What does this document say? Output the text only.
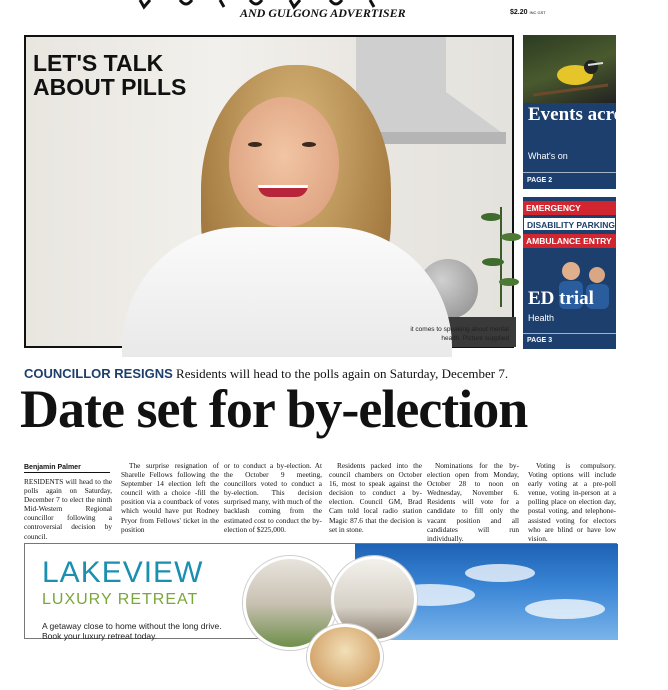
AND GULGONG ADVERTISER	$2.20 INC GST
LET'S TALK ABOUT PILLS
it comes to speaking about mental health. Picture supplied
Events across the
What's on
PAGE 2
EMERGENCY
DISABILITY PARKING
AMBULANCE ENTRY
ED trial
Health
PAGE 3
COUNCILLOR RESIGNS Residents will head to the polls again on Saturday, December 7.
Date set for by-election
Benjamin Palmer

RESIDENTS will head to the polls again on Saturday, December 7 to elect the ninth Mid-Western Regional councillor following a controversial decision by council.

The surprise resignation of Sharelle Fellows following the September 14 election left the council with a choice -fill the position via a countback of votes which would have put Rodney Pryor from Fellows' ticket in the position

or to conduct a by-election. At the October 9 meeting, councillors voted to conduct a by-election. This decision surprised many, with much of the backlash coming from the estimated cost to conduct the by-election of $225,000.

Residents packed into the council chambers on October 16, most to speak against the decision to conduct a by-election. Council GM, Brad Cam told local radio station Magic 87.6 that the decision is set in stone.

Nominations for the by-election open from Monday, October 28 to noon on Wednesday, November 6. Residents will vote for a candidate to fill only the vacant position and all candidates will run individually.

Voting is compulsory. Voting options will include early voting at a pre-poll venue, voting in-person at a polling place on election day, postal voting, and telephone-assisted voting for electors who are blind or have low vision.

LAKEVIEW
LUXURY RETREAT
A getaway close to home without the long drive.
Book your luxury retreat today.
